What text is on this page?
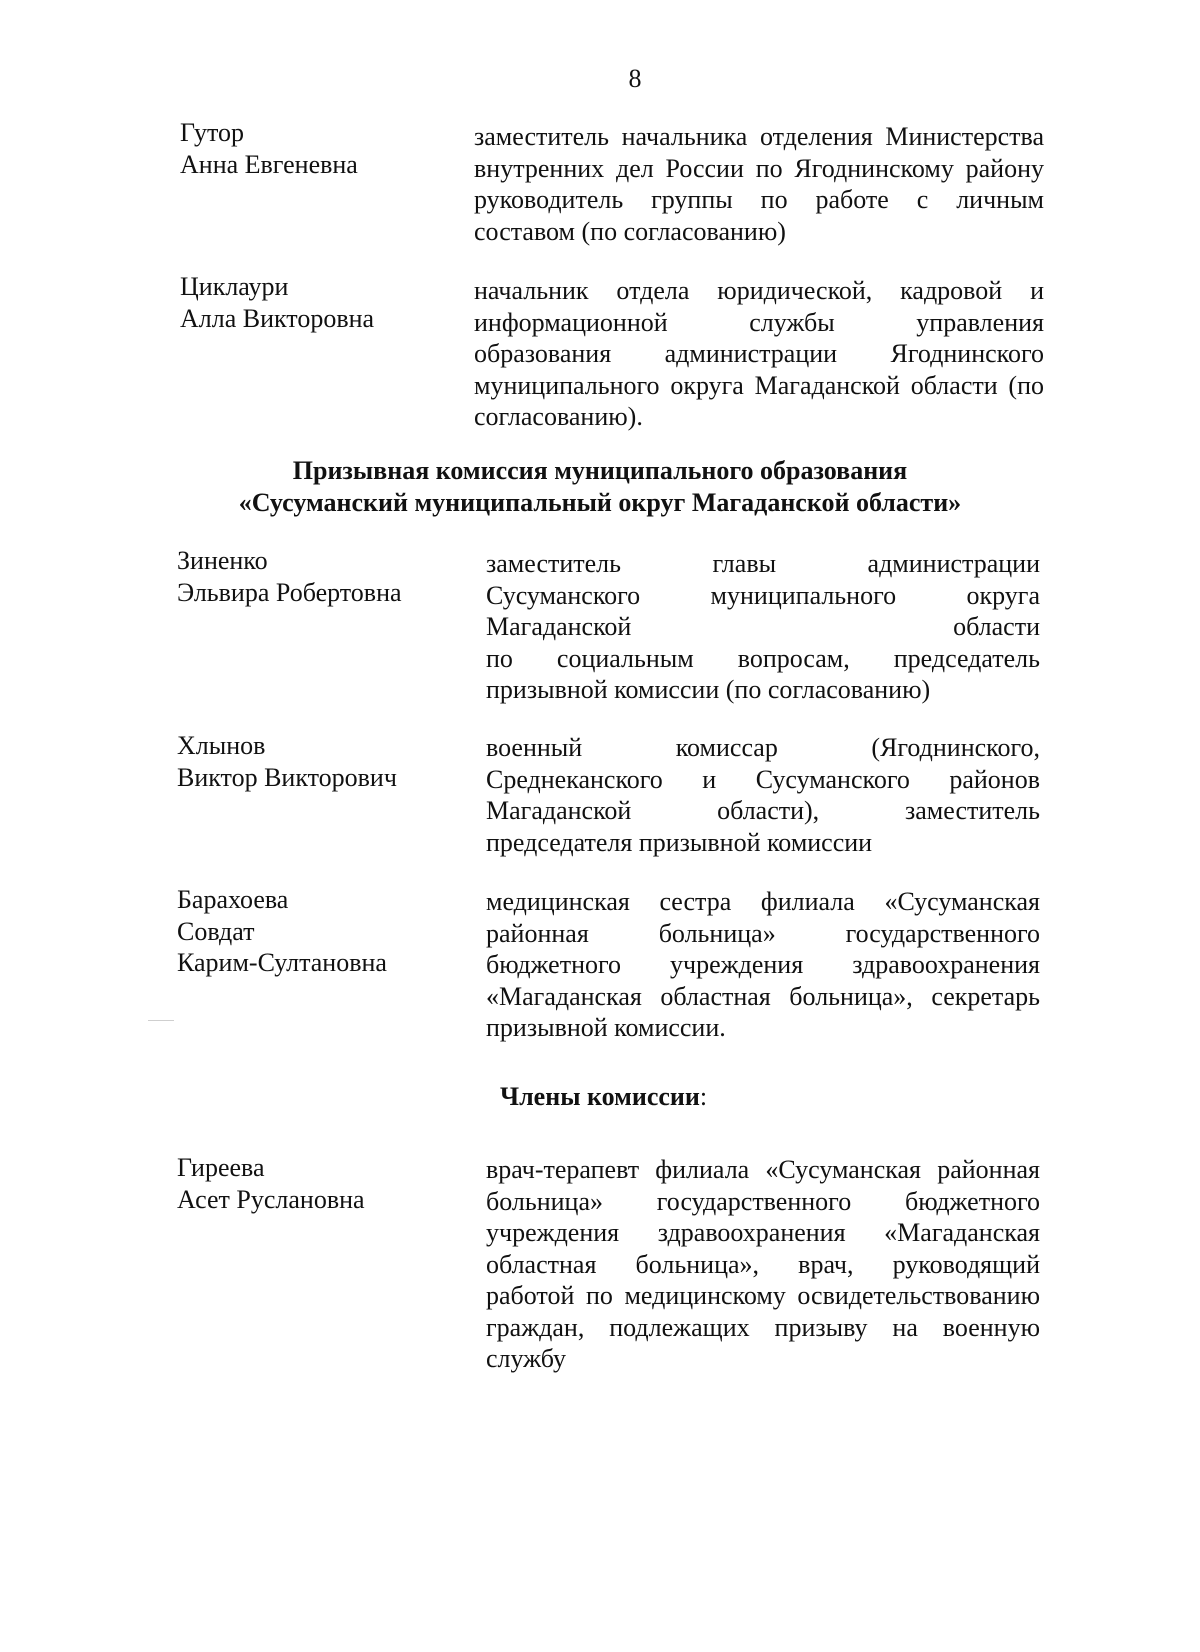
8
Гутор
Анна Евгеневна
заместитель начальника отделения Министерства
внутренних дел России по Ягоднинскому району
руководитель группы по работе с личным
составом (по согласованию)
Циклаури
Алла Викторовна
начальник отдела юридической, кадровой и
информационной службы управления
образования администрации Ягоднинского
муниципального округа Магаданской области (по
согласованию).
Призывная комиссия муниципального образования
«Сусуманский муниципальный округ Магаданской области»
Зиненко
Эльвира Робертовна
заместитель главы администрации
Сусуманского муниципального округа
Магаданской области
по социальным вопросам, председатель
призывной комиссии (по согласованию)
Хлынов
Виктор Викторович
военный комиссар (Ягоднинского,
Среднеканского и Сусуманского районов
Магаданской области), заместитель
председателя призывной комиссии
Барахоева
Совдат
Карим-Султановна
медицинская сестра филиала «Сусуманская
районная больница» государственного
бюджетного учреждения здравоохранения
«Магаданская областная больница», секретарь
призывной комиссии.
Члены комиссии:
Гиреева
Асет Руслановна
врач-терапевт филиала «Сусуманская районная
больница» государственного бюджетного
учреждения здравоохранения «Магаданская
областная больница», врач, руководящий
работой по медицинскому освидетельствованию
граждан, подлежащих призыву на военную
службу
